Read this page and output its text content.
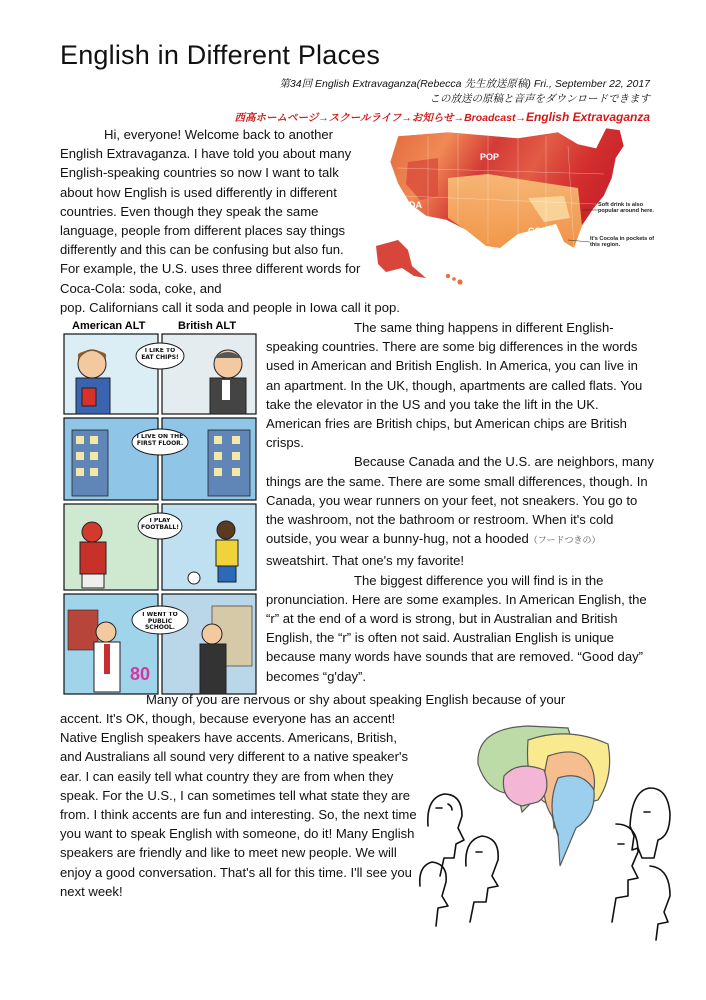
English in Different Places
第34回 English Extravaganza(Rebecca 先生放送原稿) Fri., September 22, 2017
この放送の原稿と音声をダウンロードできます
西高ホームページ→スクールライフ→お知らせ→Broadcast→English Extravaganza

Hi, everyone! Welcome back to another English Extravaganza. I have told you about many English-speaking countries so now I want to talk about how English is used differently in different countries. Even though they speak the same language, people from different places say things differently and this can be confusing but also fun. For example, the U.S. uses three different words for Coca-Cola: soda, coke, and

pop. Californians call it soda and people in Iowa call it pop.
POP
SODA
COKE
Soft drink is also popular around here.
It's Cocola in pockets of this region.
American ALT	British ALT
80
I LIKE TO EAT CHIPS!
I LIVE ON THE FIRST FLOOR.
I PLAY FOOTBALL!
I WENT TO PUBLIC SCHOOL.

The same thing happens in different English-speaking countries. There are some big differences in the words used in American and British English. In America, you can live in an apartment. In the UK, though, apartments are called flats. You take the elevator in the US and you take the lift in the UK. American fries are British chips, but American chips are British crisps.

Because Canada and the U.S. are neighbors, many things are the same. There are some small differences, though. In Canada, you wear runners on your feet, not sneakers. You go to the washroom, not the bathroom or restroom. When it's cold outside, you wear a bunny-hug, not a hooded（フードつきの） sweatshirt. That one's my favorite!

The biggest difference you will find is in the pronunciation. Here are some examples. In American English, the “r” at the end of a word is strong, but in Australian and British English, the “r” is often not said. Australian English is unique because many words have sounds that are removed. “Good day” becomes “g'day”.

Many of you are nervous or shy about speaking English because of your

accent. It's OK, though, because everyone has an accent! Native English speakers have accents. Americans, British, and Australians all sound very different to a native speaker's ear. I can easily tell what country they are from when they speak. For the U.S., I can sometimes tell what state they are from. I think accents are fun and interesting. So, the next time you want to speak English with someone, do it! Many English speakers are friendly and like to meet new people. We will enjoy a good conversation. That's all for this time. I'll see you next week!
